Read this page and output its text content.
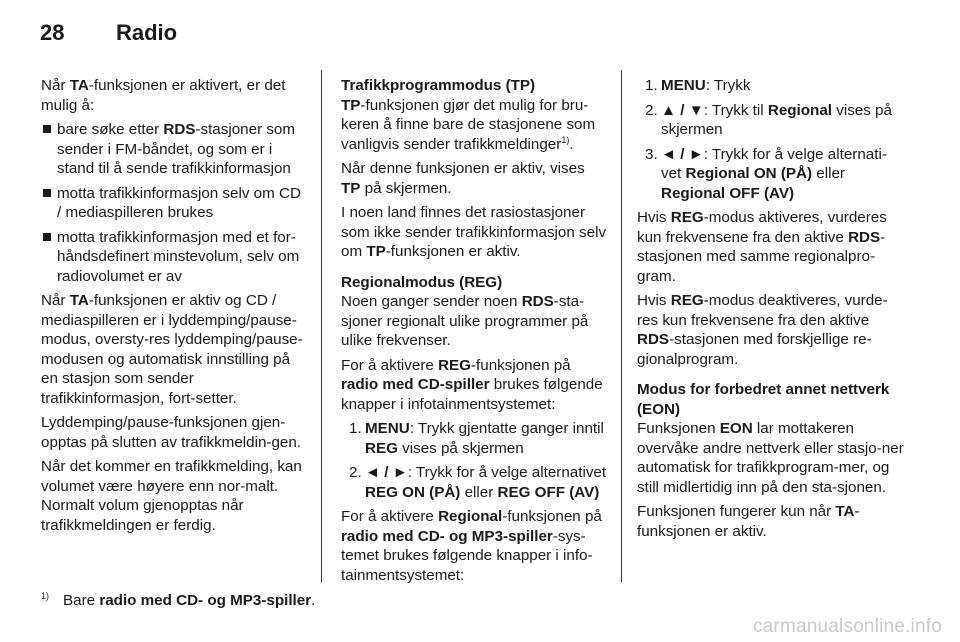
28	Radio

Når TA-funksjonen er aktivert, er det mulig å:

bare søke etter RDS-stasjoner som sender i FM-båndet, og som er i stand til å sende trafikkinformasjon
motta trafikkinformasjon selv om CD / mediaspilleren brukes
motta trafikkinformasjon med et for-håndsdefinert minstevolum, selv om radiovolumet er av

Når TA-funksjonen er aktiv og CD / mediaspilleren er i lyddemping/pause-modus, oversty-res lyddemping/pause-modusen og automatisk innstilling på en stasjon som sender trafikkinformasjon, fort-setter.

Lyddemping/pause-funksjonen gjen-opptas på slutten av trafikkmeldin-gen.

Når det kommer en trafikkmelding, kan volumet være høyere enn nor-malt. Normalt volum gjenopptas når trafikkmeldingen er ferdig.

Trafikkprogrammodus (TP)

TP-funksjonen gjør det mulig for bru-keren å finne bare de stasjonene som vanligvis sender trafikkmeldinger$^{1)}$.

Når denne funksjonen er aktiv, vises TP på skjermen.

I noen land finnes det rasiostasjoner som ikke sender trafikkinformasjon selv om TP-funksjonen er aktiv.

Regionalmodus (REG)

Noen ganger sender noen RDS-sta-sjoner regionalt ulike programmer på ulike frekvenser.

For å aktivere REG-funksjonen på radio med CD-spiller brukes følgende knapper i infotainmentsystemet:

1. MENU: Trykk gjentatte ganger inntil REG vises på skjermen
2. ◄ / ►: Trykk for å velge alternativet REG ON (PÅ) eller REG OFF (AV)

For å aktivere Regional-funksjonen på radio med CD- og MP3-spiller-sys-temet brukes følgende knapper i info-tainmentsystemet:

1. MENU: Trykk
2. ▲ / ▼: Trykk til Regional vises på skjermen
3. ◄ / ►: Trykk for å velge alternati-vet Regional ON (PÅ) eller Regional OFF (AV)

Hvis REG-modus aktiveres, vurderes kun frekvensene fra den aktive RDS-stasjonen med samme regionalpro-gram.

Hvis REG-modus deaktiveres, vurde-res kun frekvensene fra den aktive RDS-stasjonen med forskjellige re-gionalprogram.

Modus for forbedret annet nettverk (EON)

Funksjonen EON lar mottakeren overvåke andre nettverk eller stasjo-ner automatisk for trafikkprogram-mer, og still midlertidig inn på den sta-sjonen.

Funksjonen fungerer kun når TA-funksjonen er aktiv.

$^{1)}$ Bare radio med CD- og MP3-spiller.
carmanualsonline.info
